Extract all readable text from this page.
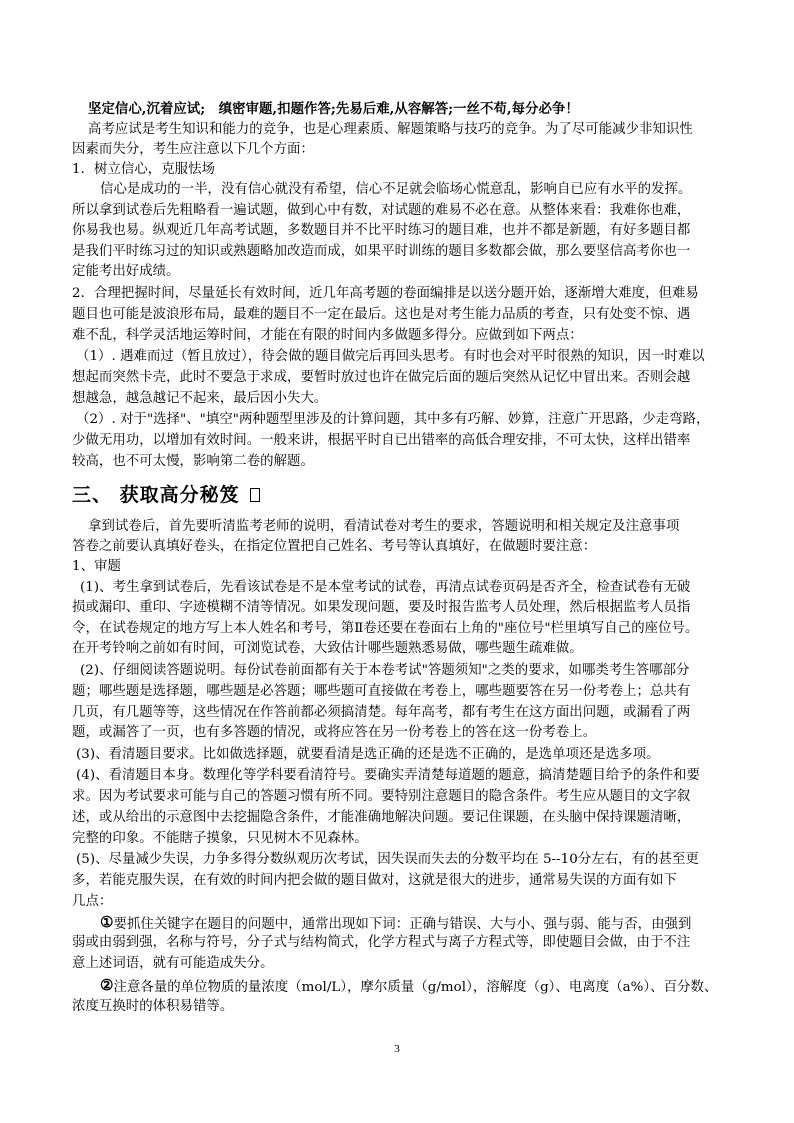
坚定信心,沉着应试;　缜密审题,扣题作答;先易后难,从容解答;一丝不苟,每分必争！
高考应试是考生知识和能力的竞争，也是心理素质、解题策略与技巧的竞争。为了尽可能减少非知识性
因素而失分，考生应注意以下几个方面：
1．树立信心，克服怯场
信心是成功的一半，没有信心就没有希望，信心不足就会临场心慌意乱，影响自已应有水平的发挥。
所以拿到试卷后先粗略看一遍试题，做到心中有数，对试题的难易不必在意。从整体来看：我难你也难，
你易我也易。纵观近几年高考试题，多数题目并不比平时练习的题目难，也并不都是新题，有好多题目都
是我们平时练习过的知识或熟题略加改造而成，如果平时训练的题目多数都会做，那么要坚信高考你也一
定能考出好成绩。
2．合理把握时间，尽量延长有效时间，近几年高考题的卷面编排是以送分题开始，逐渐增大难度，但难易
题目也可能是波浪形布局，最难的题目不一定在最后。这也是对考生能力品质的考查，只有处变不惊、遇
难不乱，科学灵活地运筹时间，才能在有限的时间内多做题多得分。应做到如下两点：
（1）. 遇难而过（暂且放过），待会做的题目做完后再回头思考。有时也会对平时很熟的知识，因一时难以
想起而突然卡壳，此时不要急于求成，要暂时放过也许在做完后面的题后突然从记忆中冒出来。否则会越
想越急，越急越记不起来，最后因小失大。
（2）. 对于"选择"、"填空"两种题型里涉及的计算问题，其中多有巧解、妙算，注意广开思路，少走弯路，
少做无用功，以增加有效时间。一般来讲，根据平时自已出错率的高低合理安排，不可太快，这样出错率
较高，也不可太慢，影响第二卷的解题。
三、 获取高分秘笈
拿到试卷后，首先要听清监考老师的说明，看清试卷对考生的要求，答题说明和相关规定及注意事项
答卷之前要认真填好卷头，在指定位置把自己姓名、考号等认真填好，在做题时要注意：
1、审题
(1)、考生拿到试卷后，先看该试卷是不是本堂考试的试卷，再清点试卷页码是否齐全，检查试卷有无破
损或漏印、重印、字迹模糊不清等情况。如果发现问题，要及时报告监考人员处理，然后根据监考人员指
令，在试卷规定的地方写上本人姓名和考号，第Ⅱ卷还要在卷面右上角的"座位号"栏里填写自己的座位号。
在开考铃响之前如有时间，可浏览试卷，大致估计哪些题熟悉易做，哪些题生疏难做。
(2)、仔细阅读答题说明。每份试卷前面都有关于本卷考试"答题须知"之类的要求，如哪类考生答哪部分
题；哪些题是选择题，哪些题是必答题；哪些题可直接做在考卷上，哪些题要答在另一份考卷上；总共有
几页，有几题等等，这些情况在作答前都必须搞清楚。每年高考，都有考生在这方面出问题，或漏看了两
题，或漏答了一页，也有多答题的情况，或将应答在另一份考卷上的答在这一份考卷上。
(3)、看清题目要求。比如做选择题，就要看清是选正确的还是选不正确的，是选单项还是选多项。
(4)、看清题目本身。数理化等学科要看清符号。要确实弄清楚每道题的题意，搞清楚题目给予的条件和要
求。因为考试要求可能与自己的答题习惯有所不同。要特别注意题目的隐含条件。考生应从题目的文字叙
述，或从给出的示意图中去挖掘隐含条件，才能准确地解决问题。要记住课题，在头脑中保持课题清晰，
完整的印象。不能瞎子摸象，只见树木不见森林。
(5)、尽量减少失误，力争多得分数纵观历次考试，因失误而失去的分数平均在 5--10分左右，有的甚至更
多，若能克服失误，在有效的时间内把会做的题目做对，这就是很大的进步，通常易失误的方面有如下
几点：
①要抓住关键字在题目的问题中，通常出现如下词：正确与错误、大与小、强与弱、能与否，由强到
弱或由弱到强，名称与符号，分子式与结构简式，化学方程式与离子方程式等，即使题目会做，由于不注
意上述词语，就有可能造成失分。
②注意各量的单位物质的量浓度（mol/L），摩尔质量（g/mol），溶解度（g）、电离度（a%）、百分数、
浓度互换时的体积易错等。
3
